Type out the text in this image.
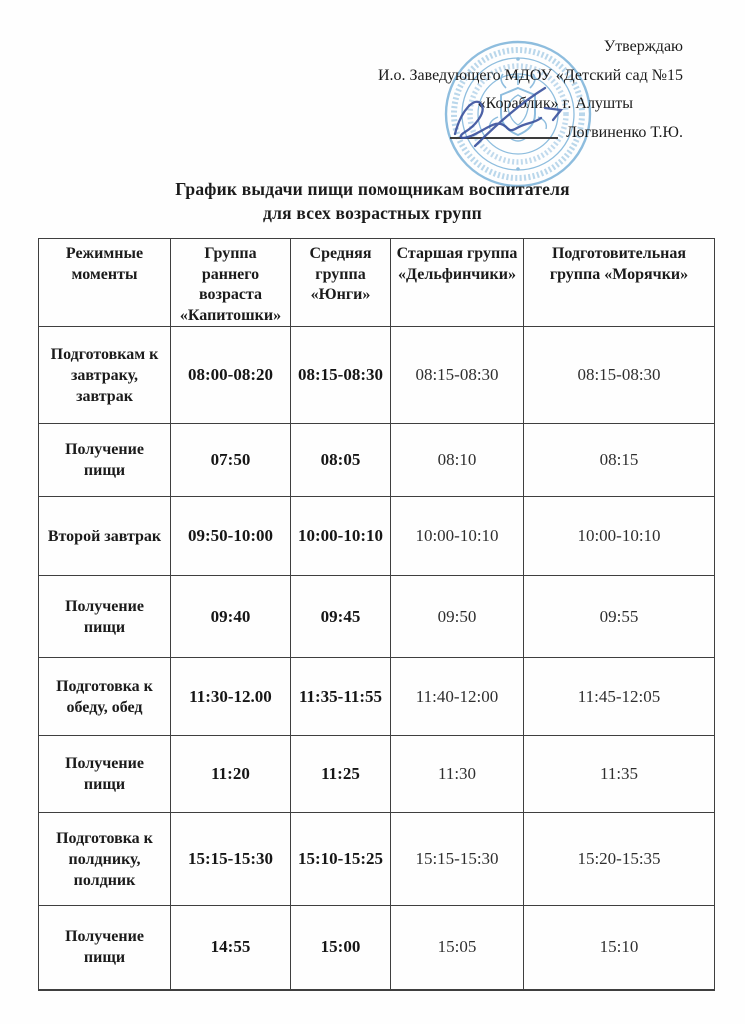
Утверждаю
И.о. Заведующего МДОУ «Детский сад №15
«Кораблик» г. Алушты
Логвиненко Т.Ю.
График выдачи пищи помощникам воспитателя
для всех возрастных групп
Режимные моменты	Группа раннего возраста «Капитошки»	Средняя группа «Юнги»	Старшая группа «Дельфинчики»	Подготовительная группа «Морячки»
Подготовкам к завтраку, завтрак	08:00-08:20	08:15-08:30	08:15-08:30	08:15-08:30
Получение пищи	07:50	08:05	08:10	08:15
Второй завтрак	09:50-10:00	10:00-10:10	10:00-10:10	10:00-10:10
Получение пищи	09:40	09:45	09:50	09:55
Подготовка к обеду, обед	11:30-12.00	11:35-11:55	11:40-12:00	11:45-12:05
Получение пищи	11:20	11:25	11:30	11:35
Подготовка к полднику, полдник	15:15-15:30	15:10-15:25	15:15-15:30	15:20-15:35
Получение пищи	14:55	15:00	15:05	15:10
